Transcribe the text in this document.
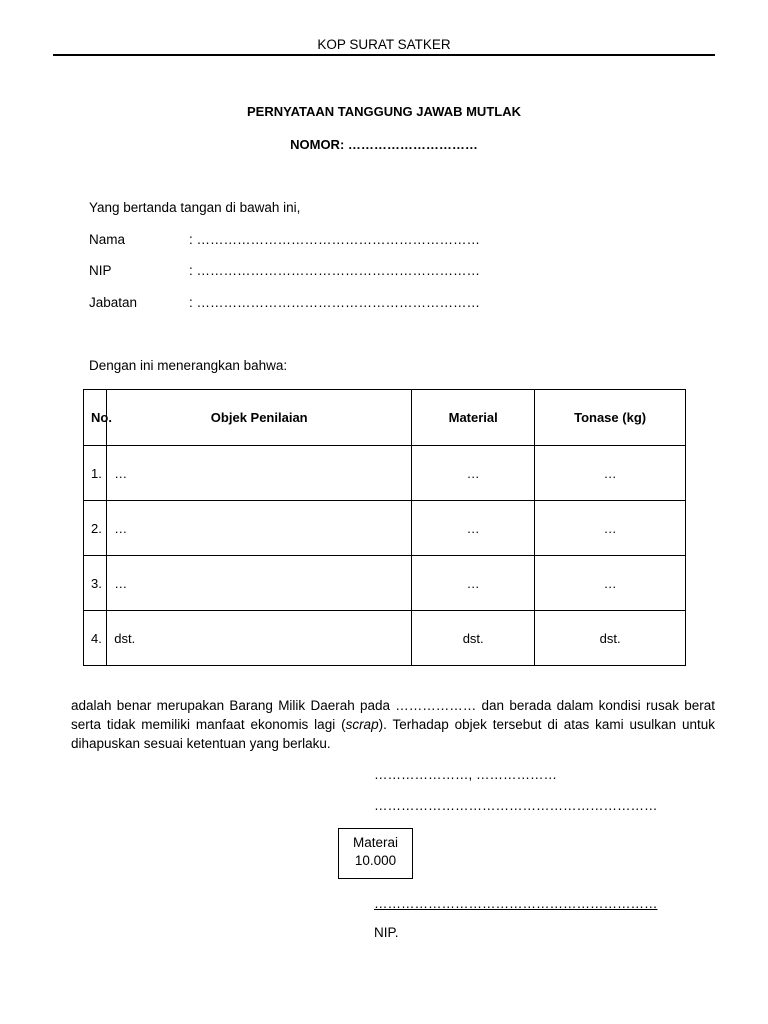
KOP SURAT SATKER
PERNYATAAN TANGGUNG JAWAB MUTLAK
NOMOR: …………………………
Yang bertanda tangan di bawah ini,
Nama	: ………………………………………………………
NIP	: ………………………………………………………
Jabatan	: ………………………………………………………
Dengan ini menerangkan bahwa:
No.	Objek Penilaian	Material	Tonase (kg)
1.	…	…	…
2.	…	…	…
3.	…	…	…
4.	dst.	dst.	dst.
adalah benar merupakan Barang Milik Daerah pada ……………… dan berada dalam kondisi rusak berat serta tidak memiliki manfaat ekonomis lagi (scrap). Terhadap objek tersebut di atas kami usulkan untuk dihapuskan sesuai ketentuan yang berlaku.
…………………, ………………
………………………………………………………
Materai
10.000
………………………………………………………
NIP.
